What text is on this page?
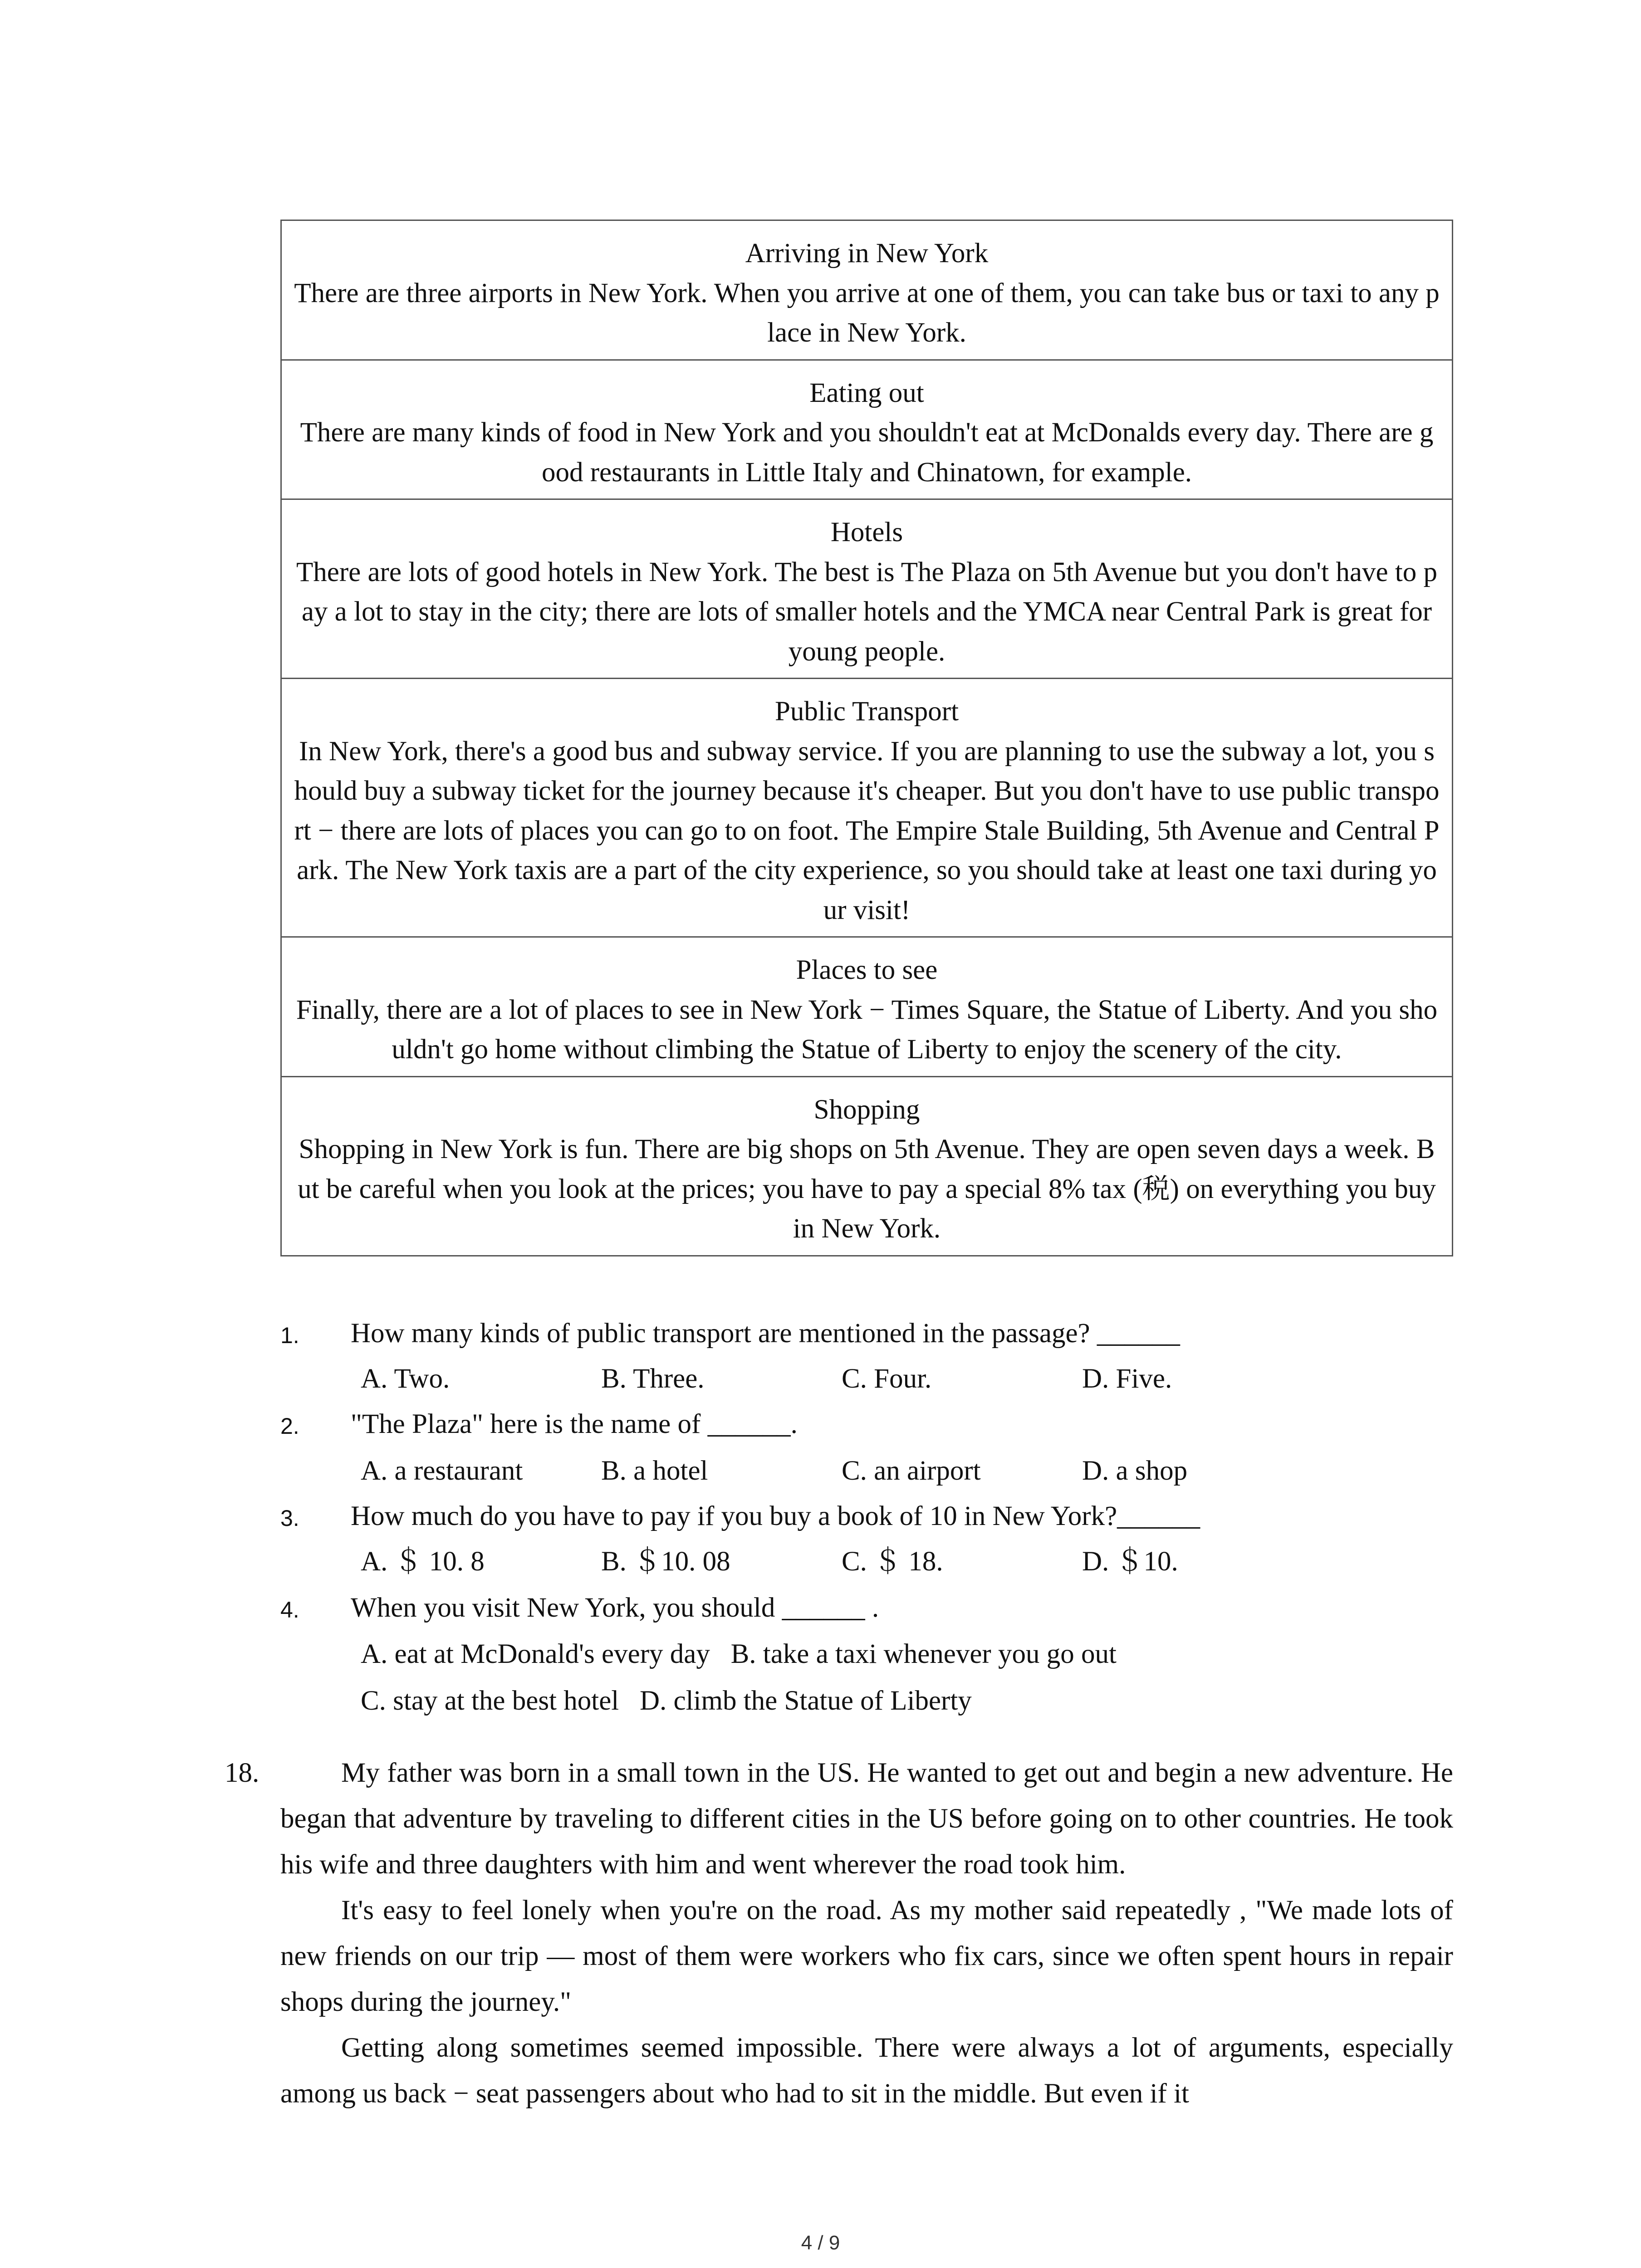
Arriving in New York
There are three airports in New York. When you arrive at one of them, you can take bus or taxi to any place in New York.
Eating out
There are many kinds of food in New York and you shouldn't eat at McDonalds every day. There are good restaurants in Little Italy and Chinatown, for example.
Hotels
There are lots of good hotels in New York. The best is The Plaza on 5th Avenue but you don't have to pay a lot to stay in the city; there are lots of smaller hotels and the YMCA near Central Park is great for young people.
Public Transport
In New York, there's a good bus and subway service. If you are planning to use the subway a lot, you should buy a subway ticket for the journey because it's cheaper. But you don't have to use public transport − there are lots of places you can go to on foot. The Empire Stale Building, 5th Avenue and Central Park. The New York taxis are a part of the city experience, so you should take at least one taxi during your visit!
Places to see
Finally, there are a lot of places to see in New York − Times Square, the Statue of Liberty. And you shouldn't go home without climbing the Statue of Liberty to enjoy the scenery of the city.
Shopping
Shopping in New York is fun. There are big shops on 5th Avenue. They are open seven days a week. But be careful when you look at the prices; you have to pay a special 8% tax (税) on everything you buy in New York.
1. How many kinds of public transport are mentioned in the passage? ______
A. Two.	B. Three.	C. Four.	D. Five.
2. "The Plaza" here is the name of ______.
A. a restaurant	B. a hotel	C. an airport	D. a shop
3. How much do you have to pay if you buy a book of 10 in New York?______
A. ＄ 10. 8	B. ＄10. 08	C. ＄ 18.	D. ＄10.
4. When you visit New York, you should ______ .
A. eat at McDonald's every day   B. take a taxi whenever you go out
C. stay at the best hotel   D. climb the Statue of Liberty
18.	My father was born in a small town in the US. He wanted to get out and begin a new adventure. He began that adventure by traveling to different cities in the US before going on to other countries. He took his wife and three daughters with him and went wherever the road took him.

It's easy to feel lonely when you're on the road. As my mother said repeatedly , "We made lots of new friends on our trip — most of them were workers who fix cars, since we often spent hours in repair shops during the journey."

Getting along sometimes seemed impossible. There were always a lot of arguments, especially among us back − seat passengers about who had to sit in the middle. But even if it

4 / 9
